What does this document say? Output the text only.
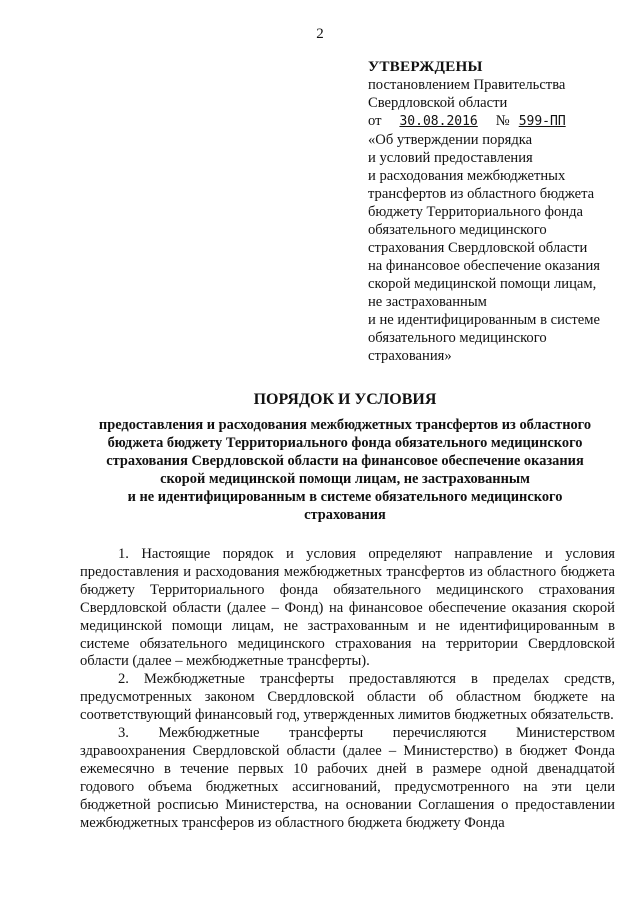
2
УТВЕРЖДЕНЫ
постановлением Правительства
Свердловской области
от 30.08.2016 № 599-ПП
«Об утверждении порядка
и условий предоставления
и расходования межбюджетных
трансфертов из областного бюджета
бюджету Территориального фонда
обязательного медицинского
страхования Свердловской области
на финансовое обеспечение оказания
скорой медицинской помощи лицам,
не застрахованным
и не идентифицированным в системе
обязательного медицинского
страхования»
ПОРЯДОК И УСЛОВИЯ
предоставления и расходования межбюджетных трансфертов из областного
бюджета бюджету Территориального фонда обязательного медицинского
страхования Свердловской области на финансовое обеспечение оказания
скорой медицинской помощи лицам, не застрахованным
и не идентифицированным в системе обязательного медицинского
страхования

1. Настоящие порядок и условия определяют направление и условия предоставления и расходования межбюджетных трансфертов из областного бюджета бюджету Территориального фонда обязательного медицинского страхования Свердловской области (далее – Фонд) на финансовое обеспечение оказания скорой медицинской помощи лицам, не застрахованным и не идентифицированным в системе обязательного медицинского страхования на территории Свердловской области (далее – межбюджетные трансферты).

2. Межбюджетные трансферты предоставляются в пределах средств, предусмотренных законом Свердловской области об областном бюджете на соответствующий финансовый год, утвержденных лимитов бюджетных обязательств.

3. Межбюджетные трансферты перечисляются Министерством здравоохранения Свердловской области (далее – Министерство) в бюджет Фонда ежемесячно в течение первых 10 рабочих дней в размере одной двенадцатой годового объема бюджетных ассигнований, предусмотренного на эти цели бюджетной росписью Министерства, на основании Соглашения о предоставлении межбюджетных трансферов из областного бюджета бюджету Фонда
